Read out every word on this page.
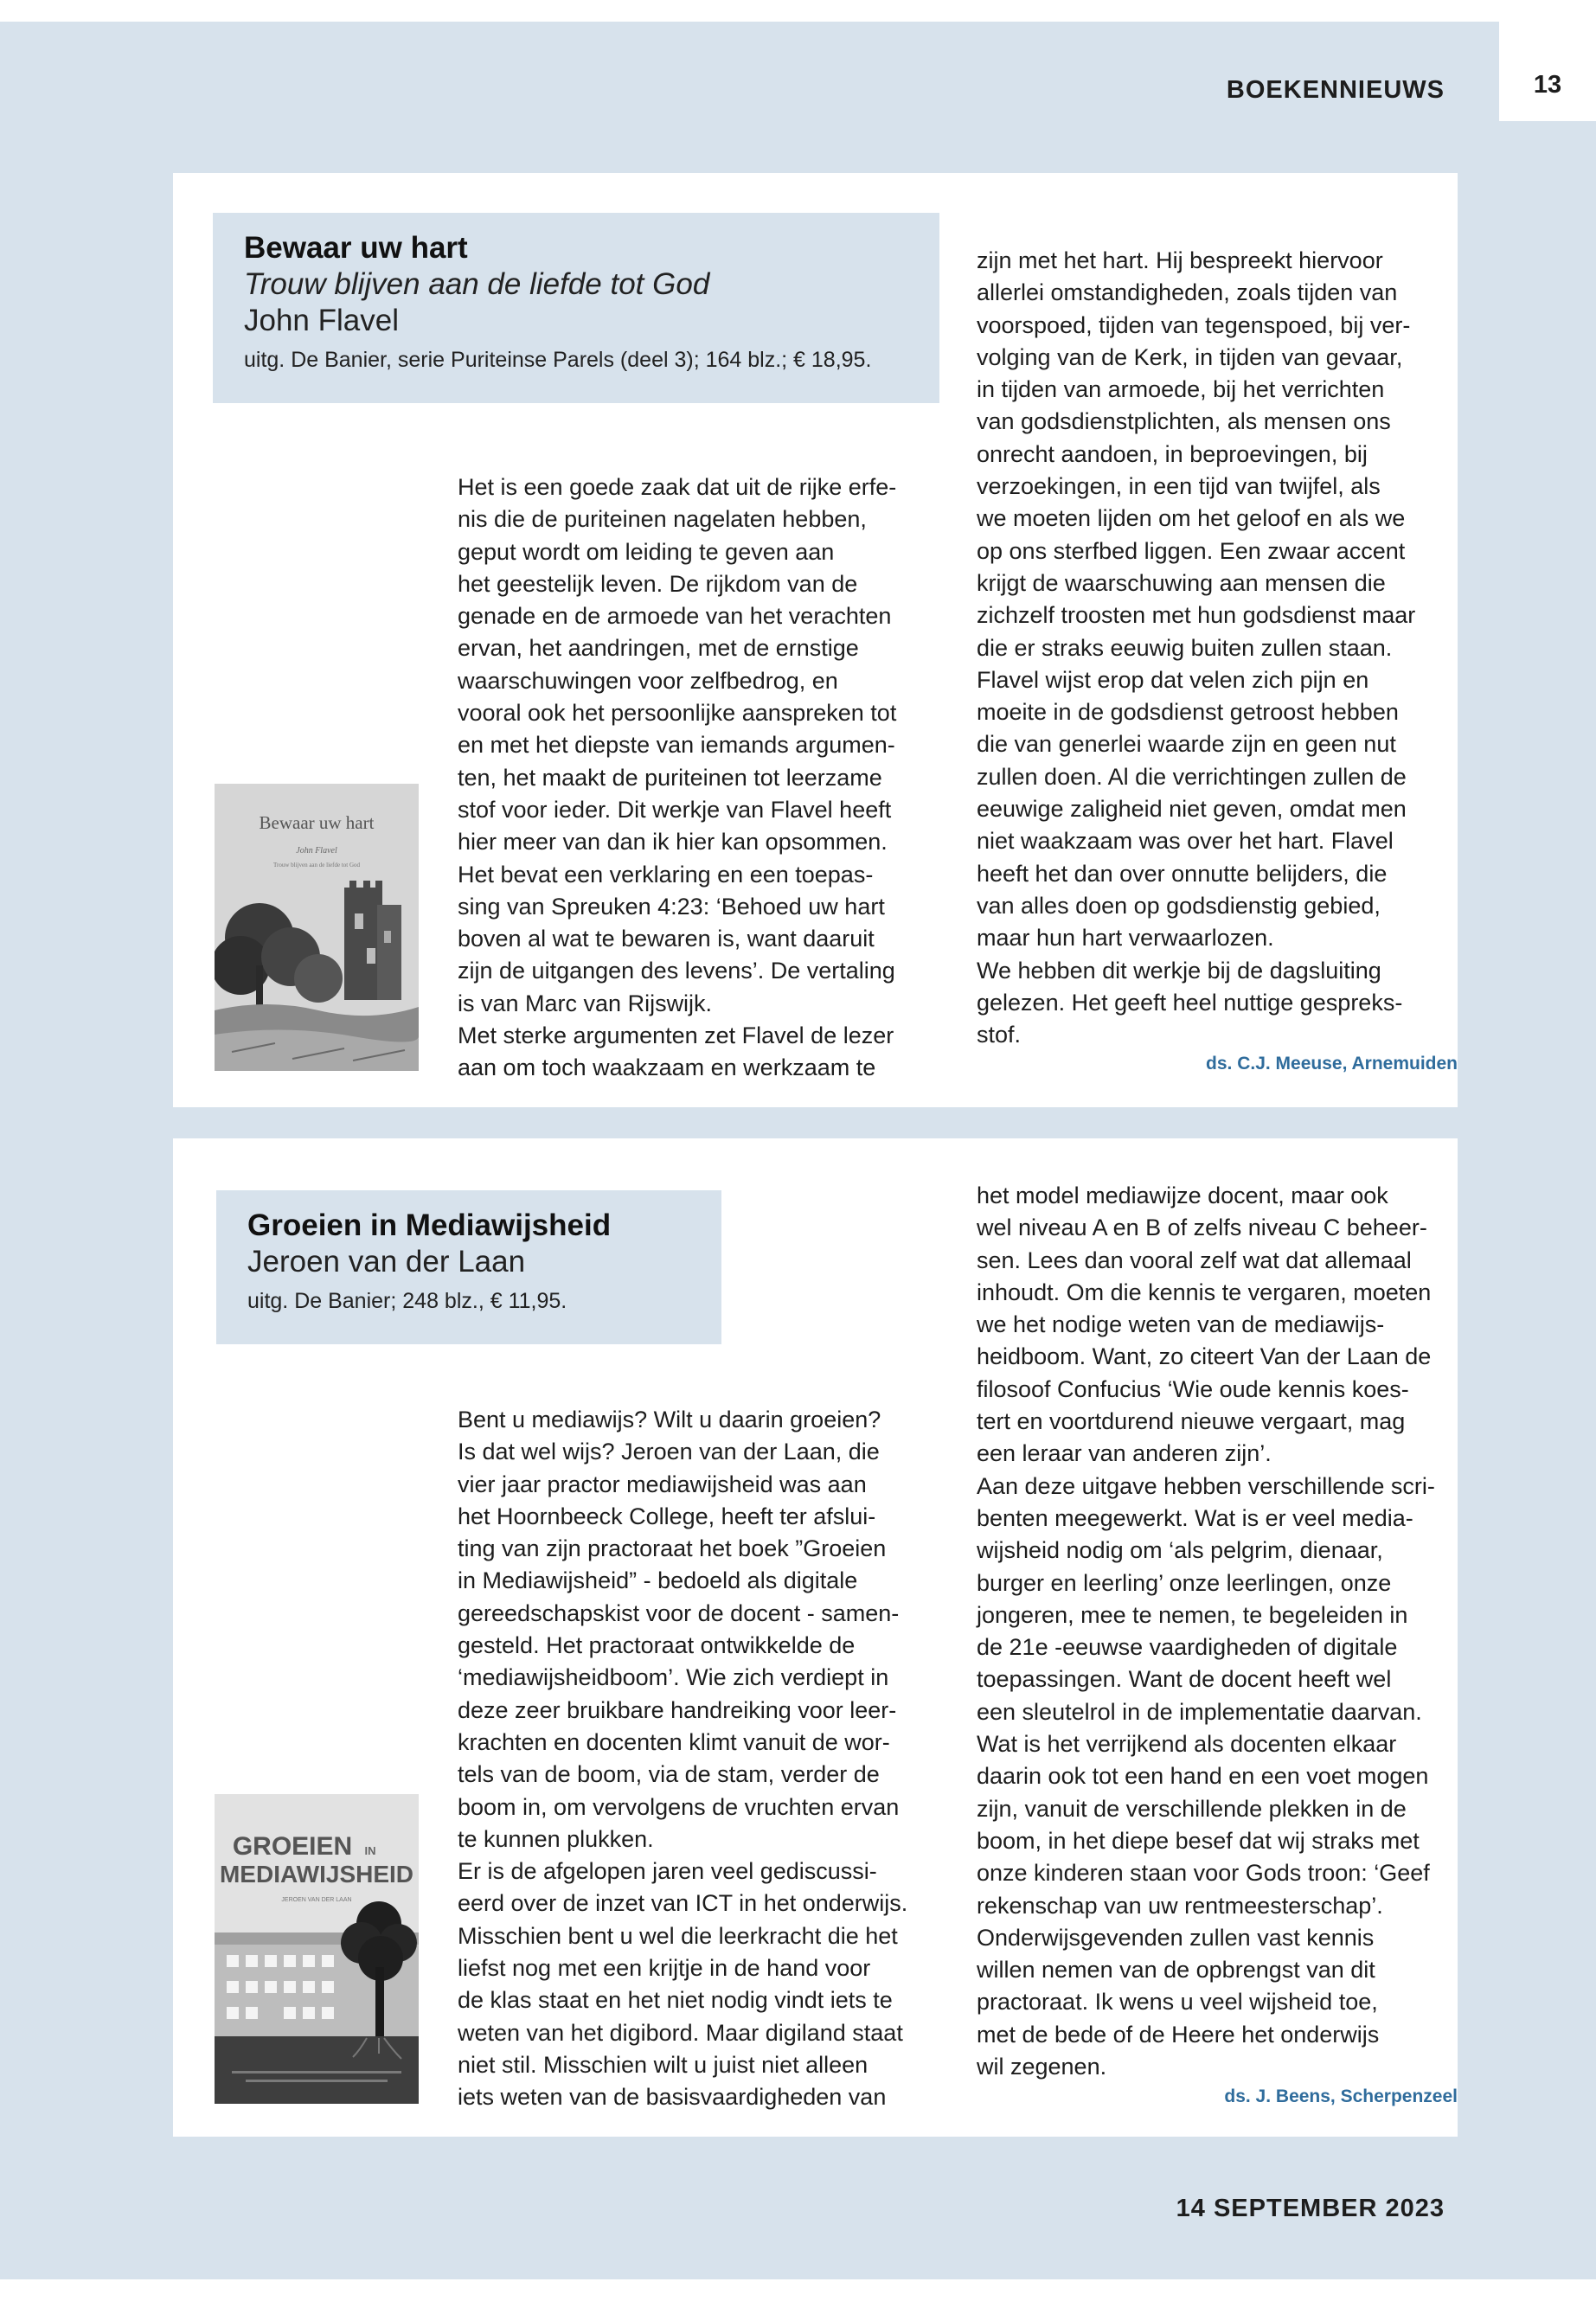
13
BOEKENNIEUWS
Bewaar uw hart
Trouw blijven aan de liefde tot God
John Flavel
uitg. De Banier, serie Puriteinse Parels (deel 3); 164 blz.; € 18,95.
Bewaar uw hart
John Flavel
Trouw blijven aan de liefde tot God

Het is een goede zaak dat uit de rijke erfe-

nis die de puriteinen nagelaten hebben,

geput wordt om leiding te geven aan

het geestelijk leven. De rijkdom van de

genade en de armoede van het verachten

ervan, het aandringen, met de ernstige

waarschuwingen voor zelfbedrog, en

vooral ook het persoonlijke aanspreken tot

en met het diepste van iemands argumen-

ten, het maakt de puriteinen tot leerzame

stof voor ieder. Dit werkje van Flavel heeft

hier meer van dan ik hier kan opsommen.

Het bevat een verklaring en een toepas-

sing van Spreuken 4:23: ‘Behoed uw hart

boven al wat te bewaren is, want daaruit

zijn de uitgangen des levens’. De vertaling

is van Marc van Rijswijk.

Met sterke argumenten zet Flavel de lezer

aan om toch waakzaam en werkzaam te

zijn met het hart. Hij bespreekt hiervoor

allerlei omstandigheden, zoals tijden van

voorspoed, tijden van tegenspoed, bij ver-

volging van de Kerk, in tijden van gevaar,

in tijden van armoede, bij het verrichten

van godsdienstplichten, als mensen ons

onrecht aandoen, in beproevingen, bij

verzoekingen, in een tijd van twijfel, als

we moeten lijden om het geloof en als we

op ons sterfbed liggen. Een zwaar accent

krijgt de waarschuwing aan mensen die

zichzelf troosten met hun godsdienst maar

die er straks eeuwig buiten zullen staan.

Flavel wijst erop dat velen zich pijn en

moeite in de godsdienst getroost hebben

die van generlei waarde zijn en geen nut

zullen doen. Al die verrichtingen zullen de

eeuwige zaligheid niet geven, omdat men

niet waakzaam was over het hart. Flavel

heeft het dan over onnutte belijders, die

van alles doen op godsdienstig gebied,

maar hun hart verwaarlozen.

We hebben dit werkje bij de dagsluiting

gelezen. Het geeft heel nuttige gespreks-

stof.

ds. C.J. Meeuse, Arnemuiden
Groeien in Mediawijsheid
Jeroen van der Laan
uitg. De Banier; 248 blz., € 11,95.
GROEIEN IN
MEDIAWIJSHEID
JEROEN VAN DER LAAN

Bent u mediawijs? Wilt u daarin groeien?

Is dat wel wijs? Jeroen van der Laan, die

vier jaar practor mediawijsheid was aan

het Hoornbeeck College, heeft ter afslui-

ting van zijn practoraat het boek ”Groeien

in Mediawijsheid” - bedoeld als digitale

gereedschapskist voor de docent - samen-

gesteld. Het practoraat ontwikkelde de

‘mediawijsheidboom’. Wie zich verdiept in

deze zeer bruikbare handreiking voor leer-

krachten en docenten klimt vanuit de wor-

tels van de boom, via de stam, verder de

boom in, om vervolgens de vruchten ervan

te kunnen plukken.

Er is de afgelopen jaren veel gediscussi-

eerd over de inzet van ICT in het onderwijs.

Misschien bent u wel die leerkracht die het

liefst nog met een krijtje in de hand voor

de klas staat en het niet nodig vindt iets te

weten van het digibord. Maar digiland staat

niet stil. Misschien wilt u juist niet alleen

iets weten van de basisvaardigheden van

het model mediawijze docent, maar ook

wel niveau A en B of zelfs niveau C beheer-

sen. Lees dan vooral zelf wat dat allemaal

inhoudt. Om die kennis te vergaren, moeten

we het nodige weten van de mediawijs-

heidboom. Want, zo citeert Van der Laan de

filosoof Confucius ‘Wie oude kennis koes-

tert en voortdurend nieuwe vergaart, mag

een leraar van anderen zijn’.

Aan deze uitgave hebben verschillende scri-

benten meegewerkt. Wat is er veel media-

wijsheid nodig om ‘als pelgrim, dienaar,

burger en leerling’ onze leerlingen, onze

jongeren, mee te nemen, te begeleiden in

de 21e -eeuwse vaardigheden of digitale

toepassingen. Want de docent heeft wel

een sleutelrol in de implementatie daarvan.

Wat is het verrijkend als docenten elkaar

daarin ook tot een hand en een voet mogen

zijn, vanuit de verschillende plekken in de

boom, in het diepe besef dat wij straks met

onze kinderen staan voor Gods troon: ‘Geef

rekenschap van uw rentmeesterschap’.

Onderwijsgevenden zullen vast kennis

willen nemen van de opbrengst van dit

practoraat. Ik wens u veel wijsheid toe,

met de bede of de Heere het onderwijs

wil zegenen.

ds. J. Beens, Scherpenzeel
14 SEPTEMBER 2023
